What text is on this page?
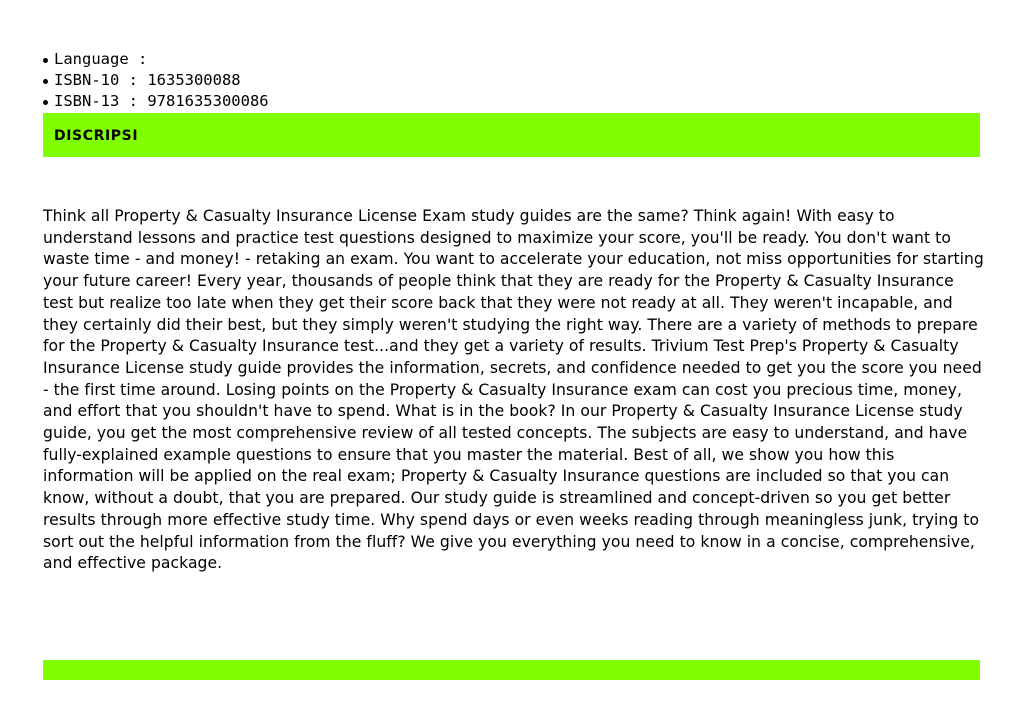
Language :
ISBN-10 : 1635300088
ISBN-13 : 9781635300086
DISCRIPSI

Think all Property & Casualty Insurance License Exam study guides are the same? Think again! With easy to understand lessons and practice test questions designed to maximize your score, you'll be ready. You don't want to waste time - and money! - retaking an exam. You want to accelerate your education, not miss opportunities for starting your future career! Every year, thousands of people think that they are ready for the Property & Casualty Insurance test but realize too late when they get their score back that they were not ready at all. They weren't incapable, and they certainly did their best, but they simply weren't studying the right way. There are a variety of methods to prepare for the Property & Casualty Insurance test...and they get a variety of results. Trivium Test Prep's Property & Casualty Insurance License study guide provides the information, secrets, and confidence needed to get you the score you need - the first time around. Losing points on the Property & Casualty Insurance exam can cost you precious time, money, and effort that you shouldn't have to spend. What is in the book? In our Property & Casualty Insurance License study guide, you get the most comprehensive review of all tested concepts. The subjects are easy to understand, and have fully-explained example questions to ensure that you master the material. Best of all, we show you how this information will be applied on the real exam; Property & Casualty Insurance questions are included so that you can know, without a doubt, that you are prepared. Our study guide is streamlined and concept-driven so you get better results through more effective study time. Why spend days or even weeks reading through meaningless junk, trying to sort out the helpful information from the fluff? We give you everything you need to know in a concise, comprehensive, and effective package.
